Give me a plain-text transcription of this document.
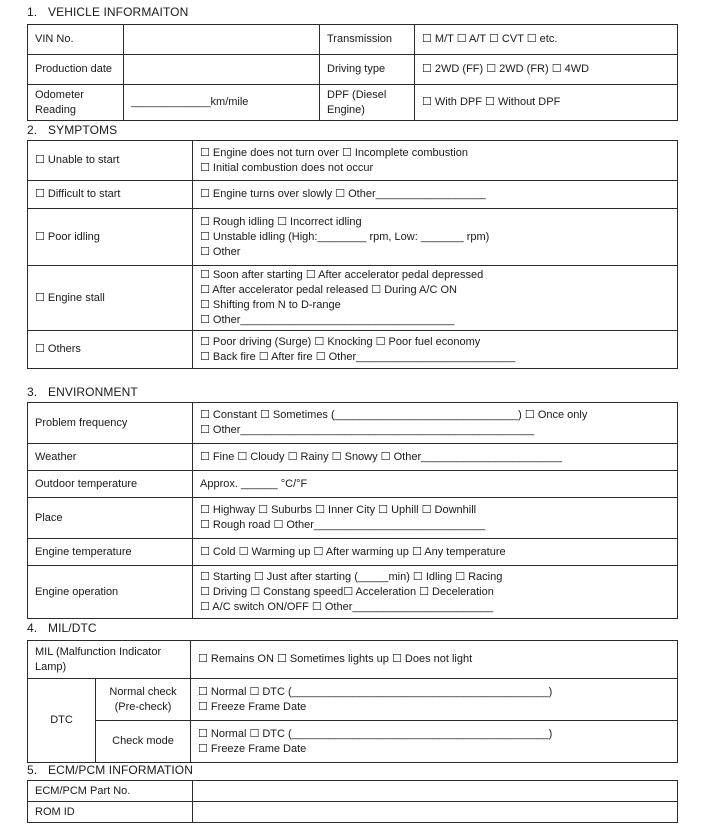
1. VEHICLE INFORMAITON
VIN No.		Transmission	☐ M/T ☐ A/T ☐ CVT ☐ etc.

Production date		Driving type	☐ 2WD (FF) ☐ 2WD (FR) ☐ 4WD

Odometer Reading	_____________km/mile	DPF (Diesel Engine)	☐ With DPF ☐ Without DPF
2. SYMPTOMS
☐ Unable to start	☐ Engine does not turn over ☐ Incomplete combustion
☐ Initial combustion does not occur

☐ Difficult to start	☐ Engine turns over slowly ☐ Other__________________

☐ Poor idling	☐ Rough idling ☐ Incorrect idling
☐ Unstable idling (High:________ rpm, Low: _______ rpm)
☐ Other

☐ Engine stall	☐ Soon after starting ☐ After accelerator pedal depressed
☐ After accelerator pedal released ☐ During A/C ON
☐ Shifting from N to D-range
☐ Other___________________________________

☐ Others	☐ Poor driving (Surge) ☐ Knocking ☐ Poor fuel economy
☐ Back fire ☐ After fire ☐ Other__________________________
3. ENVIRONMENT
Problem frequency	☐ Constant ☐ Sometimes (______________________________) ☐ Once only
☐ Other________________________________________________

Weather	☐ Fine ☐ Cloudy ☐ Rainy ☐ Snowy ☐ Other_______________________

Outdoor temperature	Approx. ______ °C/°F

Place	☐ Highway ☐ Suburbs ☐ Inner City ☐ Uphill ☐ Downhill
☐ Rough road ☐ Other____________________________

Engine temperature	☐ Cold ☐ Warming up ☐ After warming up ☐ Any temperature

Engine operation	☐ Starting ☐ Just after starting (_____min) ☐ Idling ☐ Racing
☐ Driving ☐ Constang speed☐ Acceleration ☐ Deceleration
☐ A/C switch ON/OFF ☐ Other_______________________
4. MIL/DTC
MIL (Malfunction Indicator Lamp)		☐ Remains ON ☐ Sometimes lights up ☐ Does not light

DTC	Normal check (Pre-check)	☐ Normal ☐ DTC (__________________________________________)
☐ Freeze Frame Date

	Check mode	☐ Normal ☐ DTC (__________________________________________)
☐ Freeze Frame Date
5. ECM/PCM INFORMATION
ECM/PCM Part No.	
ROM ID	
